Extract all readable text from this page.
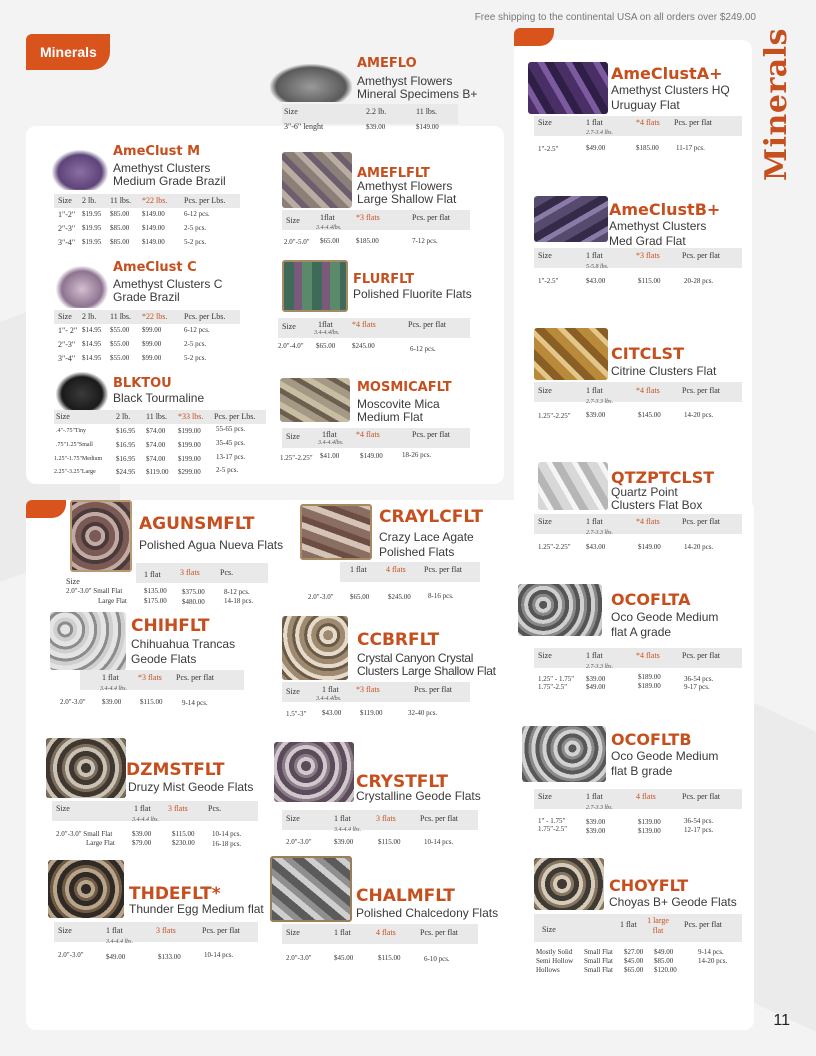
Free shipping to the continental USA on all orders over $249.00
Minerals
11
Minerals
AMEFLO
Amethyst Flowers
Mineral Specimens B+
Size	2.2 lb.	11 lbs.
3"-6" lenght	$39.00	$149.00
AmeClust M
Amethyst Clusters
Medium Grade Brazil
Size 2 lb. 11 lbs. *22 lbs. Pcs. per Lbs.
1"-2" $19.95 $85.00 $149.00	6-12 pcs.
2"-3" $19.95 $85.00 $149.00	2-5 pcs.
3"-4" $19.95 $85.00 $149.00	5-2 pcs.
AMEFLFLT
Amethyst Flowers
Large Shallow Flat
Size	1flat	*3 flats	Pcs. per flat
3.4-4.4lbs.
2.0"-5.0" $65.00 $185.00	7-12 pcs.
AmeClust C
Amethyst Clusters C
Grade Brazil
Size 2 lb. 11 lbs. *22 lbs. Pcs. per Lbs.
1"- 2" $14.95 $55.00 $99.00	6-12 pcs.
2"-3" $14.95 $55.00 $99.00	2-5 pcs.
3"-4" $14.95 $55.00 $99.00	5-2 pcs.
FLURFLT
Polished Fluorite Flats
Size	1flat *4 flats	Pcs. per flat
3.4-4.4lbs.
2.0"-4.0" $65.00 $245.00	6-12 pcs.
BLKTOU
Black Tourmaline
Size	2 lb. 11 lbs. *33 lbs. Pcs. per Lbs.
.4"-.75"Tiny	$16.95 $74.00 $199.00 55-65 pcs.
.75"1.25"Small	$16.95 $74.00 $199.00 35-45 pcs.
1.25"-1.75"Medium $16.95 $74.00 $199.00 13-17 pcs.
2.25"-3.25"Large	$24.95 $119.00 $299.00 2-5 pcs.
MOSMICAFLT
Moscovite Mica
Medium Flat
Size	1flat *4 flats	Pcs. per flat
3.4-4.4lbs.
1.25"-2.25" $41.00	$149.00	18-26 pcs.
AmeClustA+
Amethyst Clusters HQ
Uruguay Flat
Size	1 flat	*4 flats Pcs. per flat
2.7-3.4 lbs.
1"-2.5"	$49.00	$185.00 11-17 pcs.
AmeClustB+
Amethyst Clusters
Med Grad Flat
Size	1 flat	*3 flats	Pcs. per flat
5-5.8 lbs.
1"-2.5"	$43.00	$115.00	20-28 pcs.
CITCLST
Citrine Clusters Flat
Size	1 flat	*4 flats	Pcs. per flat
2.7-3.3 lbs.
1.25"-2.25" $39.00	$145.00	14-20 pcs.
QTZPTCLST
Quartz Point
Clusters Flat Box
Size	1 flat	*4 flats	Pcs. per flat
2.7-3.3 lbs.
1.25"-2.25" $43.00	$149.00	14-20 pcs.
AGUNSMFLT
Polished Agua Nueva Flats
1 flat 3 flats	Pcs.
Size
2.0"-3.0" Small Flat	$135.00 $375.00	8-12 pcs.
Large Flat $175.00 $480.00	14-18 pcs.
CRAYLCFLT
Crazy Lace Agate
Polished Flats
1 flat 4 flats Pcs. per flat
2.0"-3.0" $65.00	$245.00 8-16 pcs.
CHIHFLT
Chihuahua Trancas
Geode Flats
1 flat *3 flats Pcs. per flat
3.4-4.4 lbs.
2.0"-3.0" $39.00	$115.00	9-14 pcs.
CCBRFLT
Crystal Canyon Crystal
Clusters Large Shallow Flat
Size	1 flat *3 flats	Pcs. per flat
3.4-4.4lbs.
1.5"-3" $43.00	$119.00	32-40 pcs.
OCOFLTA
Oco Geode Medium
flat A grade
Size	1 flat	*4 flats	Pcs. per flat
2.7-3.3 lbs.
1.25" - 1.75" $39.00	$189.00	36-54 pcs.
1.75"-2.5"	$49.00	$189.00	9-17 pcs.
DZMSTFLT
Druzy Mist Geode Flats
Size	1 flat 3 flats	Pcs.
3.4-4.4 lbs.
2.0"-3.0" Small Flat	$39.00	$115.00	10-14 pcs.
Large Flat $79.00	$230.00 16-18 pcs.
CRYSTFLT
Crystalline Geode Flats
Size	1 flat	3 flats	Pcs. per flat
3.4-4.4 lbs.
2.0"-3.0"	$39.00	$115.00	10-14 pcs.
OCOFLTB
Oco Geode Medium
flat B grade
Size	1 flat	4 flats	Pcs. per flat
2.7-3.3 lbs.
1" - 1.75"	$39.00	$139.00	36-54 pcs.
1.75"-2.5"	$39.00	$139.00	12-17 pcs.
THDEFLT*
Thunder Egg Medium flat
Size	1 flat	3 flats	Pcs. per flat
3.4-4.4 lbs.
2.0"-3.0"	$49.00	$133.00	10-14 pcs.
CHALMFLT
Polished Chalcedony Flats
Size	1 flat	4 flats	Pcs. per flat
2.0"-3.0"	$45.00	$115.00	6-10 pcs.
CHOYFLT
Choyas B+ Geode Flats
Size
1 flat	1 large flat
Pcs. per flat
Mostly Solid Small Flat $27.00 $49.00	9-14 pcs.
Semi Hollow Small Flat $45.00 $85.00	14-20 pcs.
Hollows	Small Flat $65.00 $120.00
